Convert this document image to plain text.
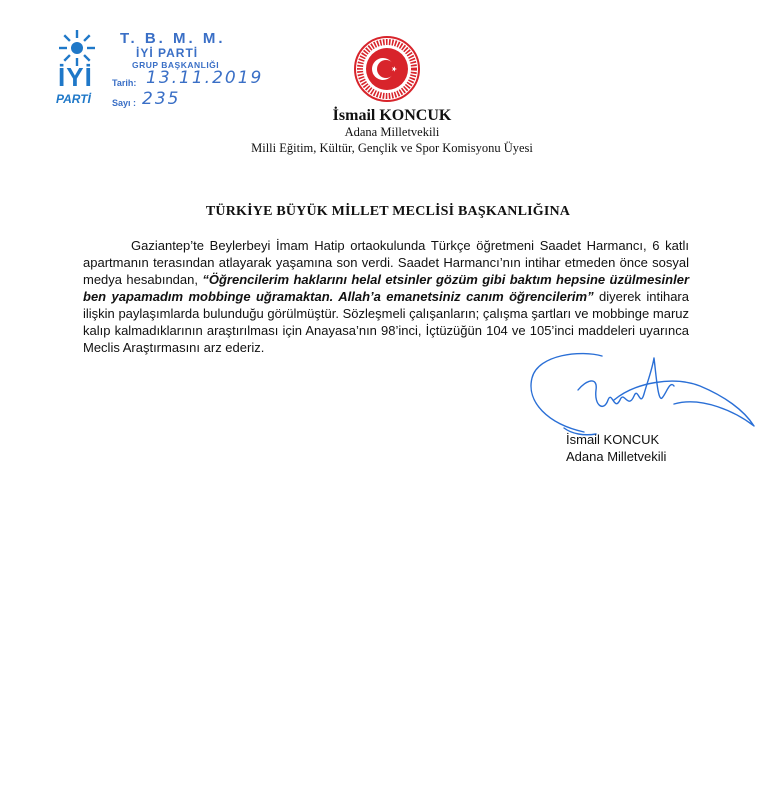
İYİ
PARTİ
T. B. M. M.
İYİ PARTİ
GRUP BAŞKANLIĞI
Tarih: 13.11.2019
Sayı : 235
İsmail KONCUK
Adana Milletvekili
Milli Eğitim, Kültür, Gençlik ve Spor Komisyonu Üyesi
TÜRKİYE BÜYÜK MİLLET MECLİSİ BAŞKANLIĞINA

Gaziantep’te Beylerbeyi İmam Hatip ortaokulunda Türkçe öğretmeni Saadet Harmancı, 6 katlı apartmanın terasından atlayarak yaşamına son verdi. Saadet Harmancı’nın intihar etmeden önce sosyal medya hesabından, “Öğrencilerim haklarını helal etsinler gözüm gibi baktım hepsine üzülmesinler ben yapamadım mobbinge uğramaktan. Allah’a emanetsiniz canım öğrencilerim” diyerek intihara ilişkin paylaşımlarda bulunduğu görülmüştür. Sözleşmeli çalışanların; çalışma şartları ve mobbinge maruz kalıp kalmadıklarının araştırılması için Anayasa’nın 98’inci, İçtüzüğün 104 ve 105’inci maddeleri uyarınca Meclis Araştırmasını arz ederiz.

İsmail KONCUK
Adana Milletvekili
